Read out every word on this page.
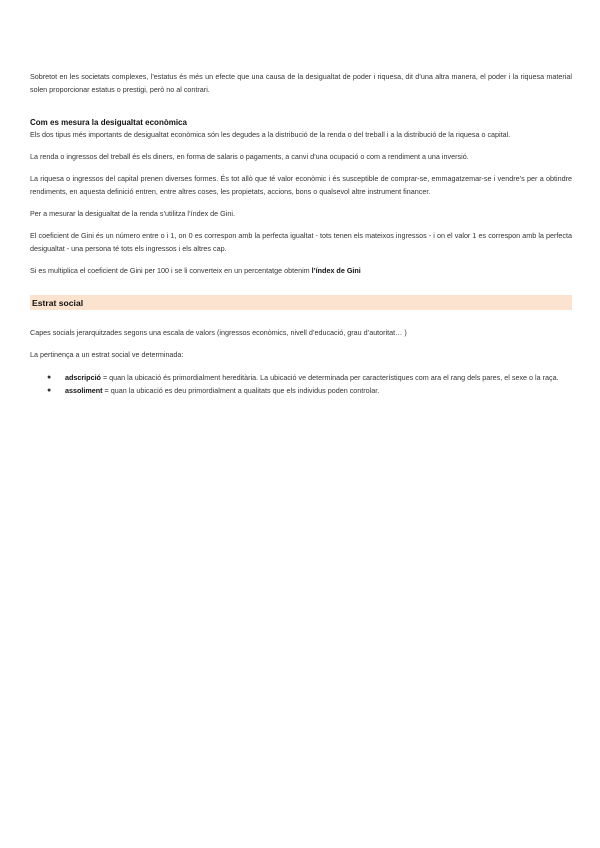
Sobretot en les societats complexes, l’estatus és més un efecte que una causa de la desigualtat de poder i riquesa, dit d’una altra manera, el poder i la riquesa material solen proporcionar estatus o prestigi, però no al contrari.

Com es mesura la desigualtat econòmica

Els dos tipus més importants de desigualtat econòmica són les degudes a la distribució de la renda o del treball i a la distribució de la riquesa o capital.

La renda o ingressos del treball és els diners, en forma de salaris o pagaments, a canvi d’una ocupació o com a rendiment a una inversió.

La riquesa o ingressos del capital prenen diverses formes. És tot allò que té valor econòmic i és susceptible de comprar-se, emmagatzemar-se i vendre’s per a obtindre rendiments, en aquesta definició entren, entre altres coses, les propietats, accions, bons o qualsevol altre instrument financer.

Per a mesurar la desigualtat de la renda s’utilitza l’índex de Gini.

El coeficient de Gini és un número entre o i 1, on 0 es correspon amb la perfecta igualtat - tots tenen els mateixos ingressos - i on el valor 1 es correspon amb la perfecta desigualtat - una persona té tots els ingressos i els altres cap.

Si es multiplica el coeficient de Gini per 100 i se li converteix en un percentatge obtenim l’índex de Gini

Estrat social

Capes socials jerarquitzades segons una escala de valors (ingressos econòmics, nivell d’educació, grau d’autoritat… )

La pertinença a un estrat social ve determinada:

● adscripció = quan la ubicació és primordialment hereditària. La ubicació ve determinada per característiques com ara el rang dels pares, el sexe o la raça.
● assoliment = quan la ubicació es deu primordialment a qualitats que els individus poden controlar.
